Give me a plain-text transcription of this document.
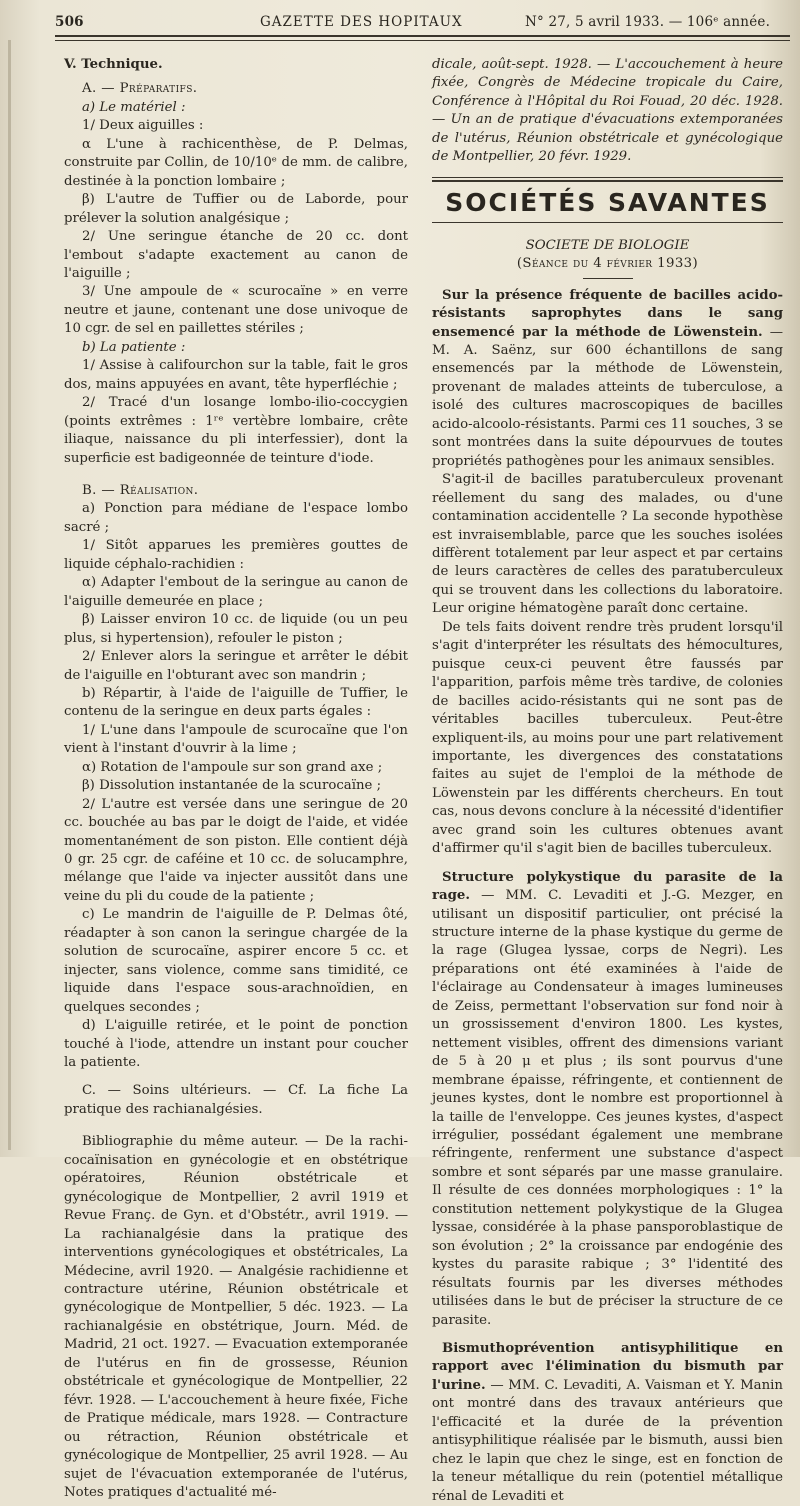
506	GAZETTE DES HOPITAUX	N° 27, 5 avril 1933. — 106ᵉ année.

V. Technique.

A. — Préparatifs.

a) Le matériel :

1/ Deux aiguilles :

α L'une à rachicenthèse, de P. Delmas, construite par Collin, de 10/10ᵉ de mm. de calibre, destinée à la ponction lombaire ;

β) L'autre de Tuffier ou de Laborde, pour prélever la solution analgésique ;

2/ Une seringue étanche de 20 cc. dont l'embout s'adapte exactement au canon de l'aiguille ;

3/ Une ampoule de « scurocaïne » en verre neutre et jaune, contenant une dose univoque de 10 cgr. de sel en paillettes stériles ;

b) La patiente :

1/ Assise à califourchon sur la table, fait le gros dos, mains appuyées en avant, tête hyperfléchie ;

2/ Tracé d'un losange lombo-ilio-coccygien (points extrêmes : 1ʳᵉ vertèbre lombaire, crête iliaque, naissance du pli interfessier), dont la superficie est badigeonnée de teinture d'iode.

B. — Réalisation.

a) Ponction para médiane de l'espace lombo sacré ;

1/ Sitôt apparues les premières gouttes de liquide céphalo-rachidien :

α) Adapter l'embout de la seringue au canon de l'aiguille demeurée en place ;

β) Laisser environ 10 cc. de liquide (ou un peu plus, si hypertension), refouler le piston ;

2/ Enlever alors la seringue et arrêter le débit de l'aiguille en l'obturant avec son mandrin ;

b) Répartir, à l'aide de l'aiguille de Tuffier, le contenu de la seringue en deux parts égales :

1/ L'une dans l'ampoule de scurocaïne que l'on vient à l'instant d'ouvrir à la lime ;

α) Rotation de l'ampoule sur son grand axe ;

β) Dissolution instantanée de la scurocaïne ;

2/ L'autre est versée dans une seringue de 20 cc. bouchée au bas par le doigt de l'aide, et vidée momentanément de son piston. Elle contient déjà 0 gr. 25 cgr. de caféine et 10 cc. de solucamphre, mélange que l'aide va injecter aussitôt dans une veine du pli du coude de la patiente ;

c) Le mandrin de l'aiguille de P. Delmas ôté, réadapter à son canon la seringue chargée de la solution de scurocaïne, aspirer encore 5 cc. et injecter, sans violence, comme sans timidité, ce liquide dans l'espace sous-arachnoïdien, en quelques secondes ;

d) L'aiguille retirée, et le point de ponction touché à l'iode, attendre un instant pour coucher la patiente.

C. — Soins ultérieurs. — Cf. La fiche La pratique des rachianalgésies.

Bibliographie du même auteur. — De la rachi-cocaïnisation en gynécologie et en obstétrique opératoires, Réunion obstétricale et gynécologique de Montpellier, 2 avril 1919 et Revue Franç. de Gyn. et d'Obstétr., avril 1919. — La rachianalgésie dans la pratique des interventions gynécologiques et obstétricales, La Médecine, avril 1920. — Analgésie rachidienne et contracture utérine, Réunion obstétricale et gynécologique de Montpellier, 5 déc. 1923. — La rachianalgésie en obstétrique, Journ. Méd. de Madrid, 21 oct. 1927. — Evacuation extemporanée de l'utérus en fin de grossesse, Réunion obstétricale et gynécologique de Montpellier, 22 févr. 1928. — L'accouchement à heure fixée, Fiche de Pratique médicale, mars 1928. — Contracture ou rétraction, Réunion obstétricale et gynécologique de Montpellier, 25 avril 1928. — Au sujet de l'évacuation extemporanée de l'utérus, Notes pratiques d'actualité mé-

dicale, août-sept. 1928. — L'accouchement à heure fixée, Congrès de Médecine tropicale du Caire, Conférence à l'Hôpital du Roi Fouad, 20 déc. 1928. — Un an de pratique d'évacuations extemporanées de l'utérus, Réunion obstétricale et gynécologique de Montpellier, 20 févr. 1929.

SOCIÉTÉS SAVANTES

SOCIETE DE BIOLOGIE

(Séance du 4 février 1933)

Sur la présence fréquente de bacilles acido-résistants saprophytes dans le sang ensemencé par la méthode de Löwenstein. — M. A. Saënz, sur 600 échantillons de sang ensemencés par la méthode de Löwenstein, provenant de malades atteints de tuberculose, a isolé des cultures macroscopiques de bacilles acido-alcoolo-résistants. Parmi ces 11 souches, 3 se sont montrées dans la suite dépourvues de toutes propriétés pathogènes pour les animaux sensibles.

S'agit-il de bacilles paratuberculeux provenant réellement du sang des malades, ou d'une contamination accidentelle ? La seconde hypothèse est invraisemblable, parce que les souches isolées diffèrent totalement par leur aspect et par certains de leurs caractères de celles des paratuberculeux qui se trouvent dans les collections du laboratoire. Leur origine hématogène paraît donc certaine.

De tels faits doivent rendre très prudent lorsqu'il s'agit d'interpréter les résultats des hémocultures, puisque ceux-ci peuvent être faussés par l'apparition, parfois même très tardive, de colonies de bacilles acido-résistants qui ne sont pas de véritables bacilles tuberculeux. Peut-être expliquent-ils, au moins pour une part relativement importante, les divergences des constatations faites au sujet de l'emploi de la méthode de Löwenstein par les différents chercheurs. En tout cas, nous devons conclure à la nécessité d'identifier avec grand soin les cultures obtenues avant d'affirmer qu'il s'agit bien de bacilles tuberculeux.

Structure polykystique du parasite de la rage. — MM. C. Levaditi et J.-G. Mezger, en utilisant un dispositif particulier, ont précisé la structure interne de la phase kystique du germe de la rage (Glugea lyssae, corps de Negri). Les préparations ont été examinées à l'aide de l'éclairage au Condensateur à images lumineuses de Zeiss, permettant l'observation sur fond noir à un grossissement d'environ 1800. Les kystes, nettement visibles, offrent des dimensions variant de 5 à 20 μ et plus ; ils sont pourvus d'une membrane épaisse, réfringente, et contiennent de jeunes kystes, dont le nombre est proportionnel à la taille de l'enveloppe. Ces jeunes kystes, d'aspect irrégulier, possédant également une membrane réfringente, renferment une substance d'aspect sombre et sont séparés par une masse granulaire. Il résulte de ces données morphologiques : 1° la constitution nettement polykystique de la Glugea lyssae, considérée à la phase pansporoblastique de son évolution ; 2° la croissance par endogénie des kystes du parasite rabique ; 3° l'identité des résultats fournis par les diverses méthodes utilisées dans le but de préciser la structure de ce parasite.

Bismuthoprévention antisyphilitique en rapport avec l'élimination du bismuth par l'urine. — MM. C. Levaditi, A. Vaisman et Y. Manin ont montré dans des travaux antérieurs que l'efficacité et la durée de la prévention antisyphilitique réalisée par le bismuth, aussi bien chez le lapin que chez le singe, est en fonction de la teneur métallique du rein (potentiel métallique rénal de Levaditi et
